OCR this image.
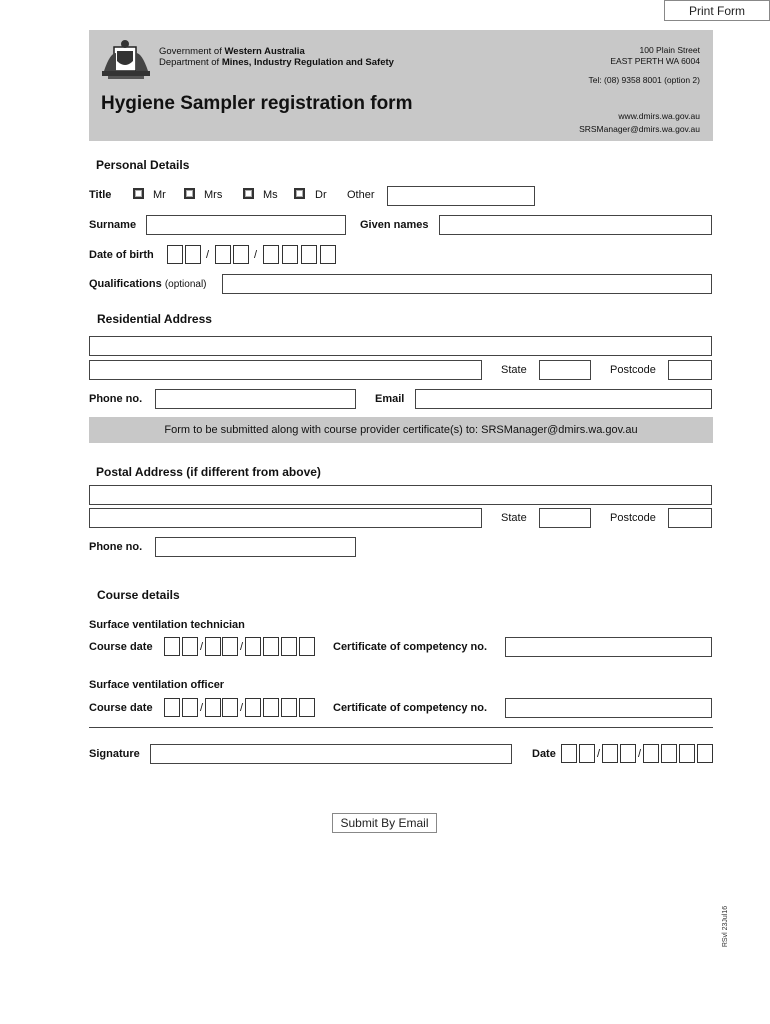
Print Form
Government of Western Australia
Department of Mines, Industry Regulation and Safety
100 Plain Street
EAST PERTH WA 6004
Tel: (08) 9358 8001 (option 2)
Hygiene Sampler registration form
www.dmirs.wa.gov.au
SRSManager@dmirs.wa.gov.au
Personal Details
Title	Mr	Mrs	Ms	Dr Other
Surname	Given names
Date of birth	/	/
Qualifications (optional)
Residential Address
State	Postcode
Phone no.	Email
Form to be submitted along with course provider certificate(s) to: SRSManager@dmirs.wa.gov.au
Postal Address (if different from above)
State	Postcode
Phone no.
Course details
Surface ventilation technician
Course date	/	/	Certificate of competency no.
Surface ventilation officer
Course date	/	/	Certificate of competency no.
Signature	Date	/	/
Submit By Email
RSvl 23Jul16
